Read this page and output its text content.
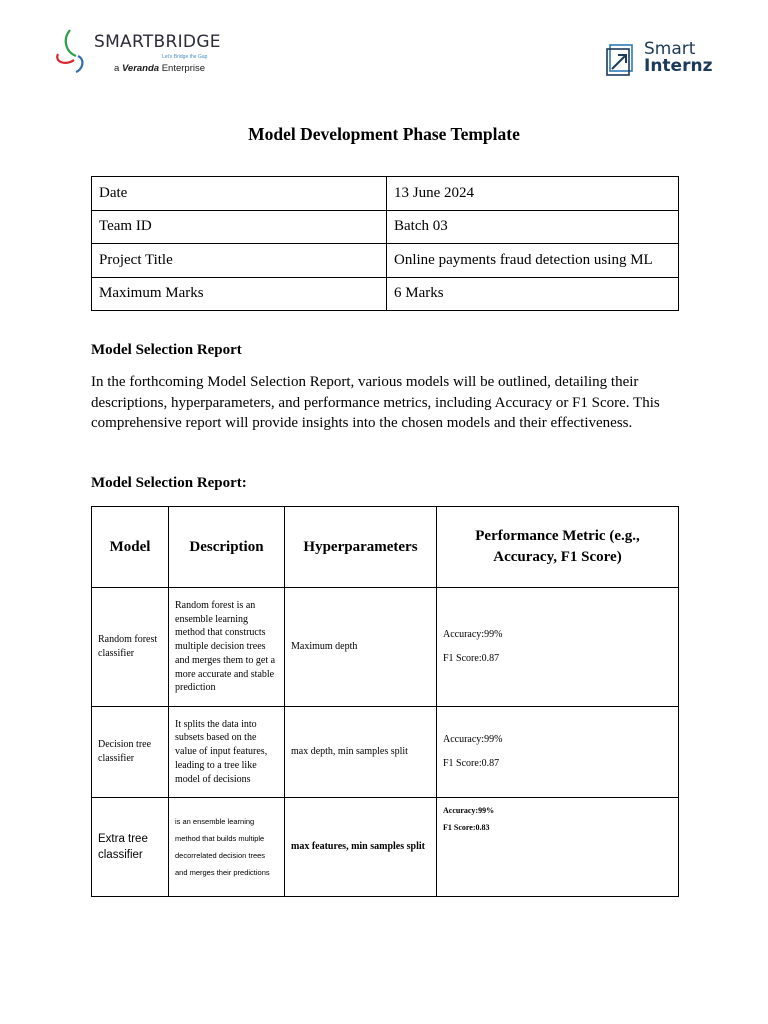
SMARTBRIDGE
Let's Bridge the Gap
a Veranda Enterprise
Smart
Internz
Model Development Phase Template
Date	13 June 2024
Team ID	Batch 03
Project Title	Online payments fraud detection using ML
Maximum Marks	6 Marks
Model Selection Report
In the forthcoming Model Selection Report, various models will be outlined, detailing their descriptions, hyperparameters, and performance metrics, including Accuracy or F1 Score. This comprehensive report will provide insights into the chosen models and their effectiveness.
Model Selection Report:
Model	Description	Hyperparameters	Performance Metric (e.g., Accuracy, F1 Score)
Random forest classifier	Random forest is an ensemble learning method that constructs multiple decision trees and merges them to get a more accurate and stable prediction	Maximum depth	Accuracy:99%
F1 Score:0.87

Decision tree classifier	It splits the data into subsets based on the value of input features, leading to a tree like model of decisions	max depth, min samples split	Accuracy:99%
F1 Score:0.87

Extra tree classifier	is an ensemble learning method that builds multiple decorrelated decision trees and merges their predictions	max features, min samples split	Accuracy:99%
F1 Score:0.83
